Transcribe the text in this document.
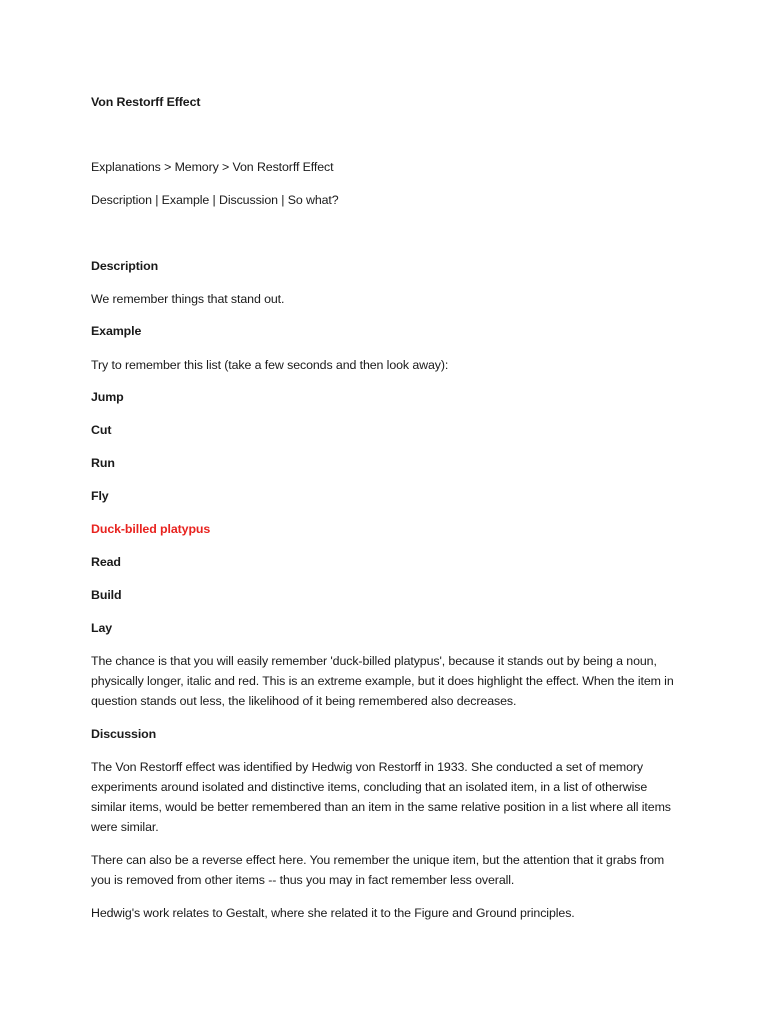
Von Restorff Effect

Explanations > Memory > Von Restorff Effect

Description | Example | Discussion | So what?

Description

We remember things that stand out.

Example

Try to remember this list (take a few seconds and then look away):

Jump

Cut

Run

Fly

Duck-billed platypus

Read

Build

Lay

The chance is that you will easily remember 'duck-billed platypus', because it stands out by being a noun, physically longer, italic and red. This is an extreme example, but it does highlight the effect. When the item in question stands out less, the likelihood of it being remembered also decreases.

Discussion

The Von Restorff effect was identified by Hedwig von Restorff in 1933. She conducted a set of memory experiments around isolated and distinctive items, concluding that an isolated item, in a list of otherwise similar items, would be better remembered than an item in the same relative position in a list where all items were similar.

There can also be a reverse effect here. You remember the unique item, but the attention that it grabs from you is removed from other items -- thus you may in fact remember less overall.

Hedwig's work relates to Gestalt, where she related it to the Figure and Ground principles.
